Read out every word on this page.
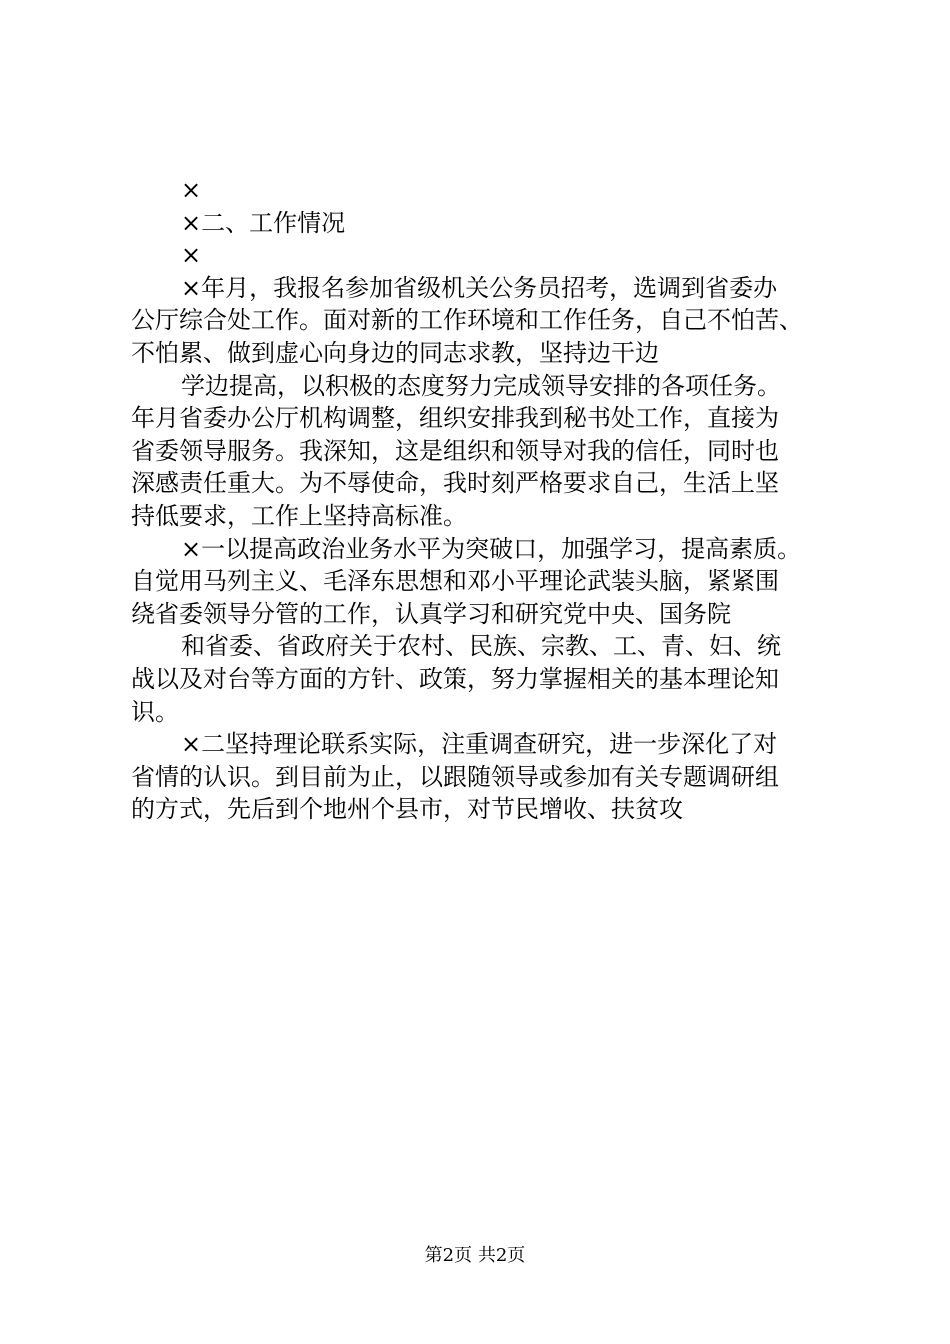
×
×二、工作情况
×
×年月，我报名参加省级机关公务员招考，选调到省委办
公厅综合处工作。面对新的工作环境和工作任务，自己不怕苦、
不怕累、做到虚心向身边的同志求教，坚持边干边
学边提高，以积极的态度努力完成领导安排的各项任务。
年月省委办公厅机构调整，组织安排我到秘书处工作，直接为
省委领导服务。我深知，这是组织和领导对我的信任，同时也
深感责任重大。为不辱使命，我时刻严格要求自己，生活上坚
持低要求，工作上坚持高标准。
×一以提高政治业务水平为突破口，加强学习，提高素质。
自觉用马列主义、毛泽东思想和邓小平理论武装头脑，紧紧围
绕省委领导分管的工作，认真学习和研究党中央、国务院
和省委、省政府关于农村、民族、宗教、工、青、妇、统
战以及对台等方面的方针、政策，努力掌握相关的基本理论知
识。
×二坚持理论联系实际，注重调查研究，进一步深化了对
省情的认识。到目前为止，以跟随领导或参加有关专题调研组
的方式，先后到个地州个县市，对节民增收、扶贫攻
第2页 共2页
